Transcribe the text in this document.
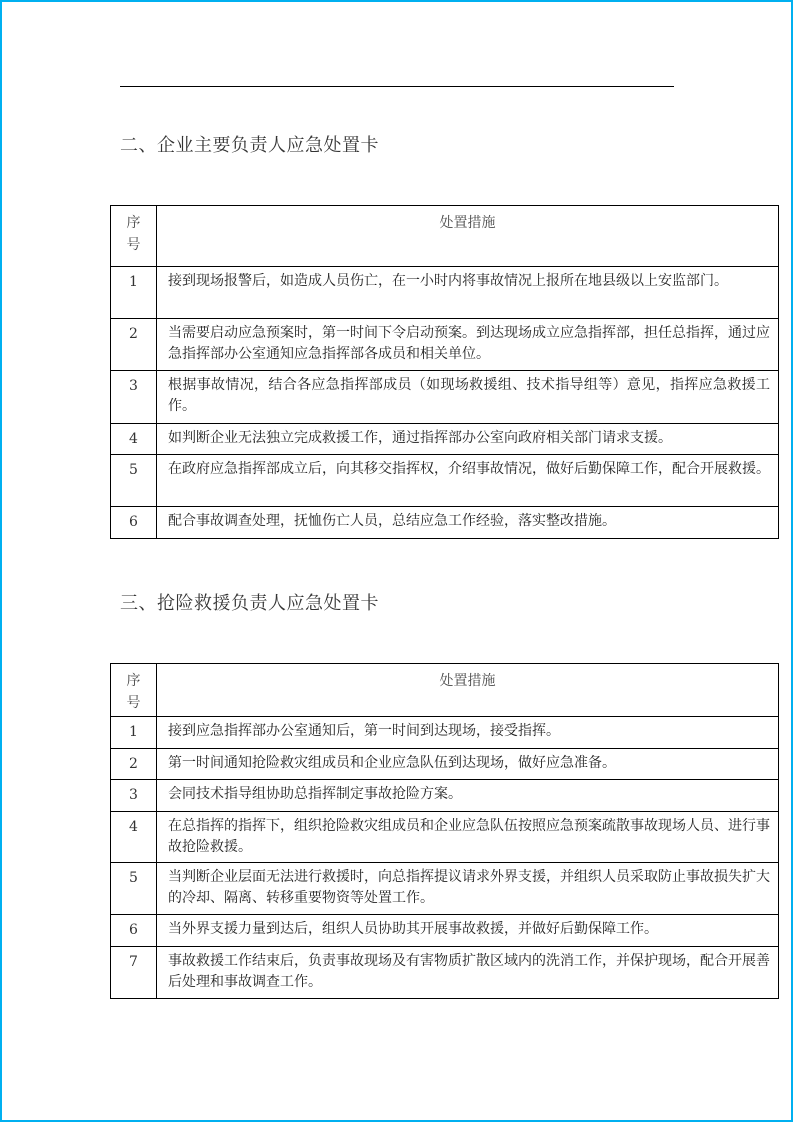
二、企业主要负责人应急处置卡
序
号	处置措施
1	接到现场报警后，如造成人员伤亡，在一小时内将事故情况上报所在地县级以上安监部门。
2	当需要启动应急预案时，第一时间下令启动预案。到达现场成立应急指挥部，担任总指挥，通过应急指挥部办公室通知应急指挥部各成员和相关单位。
3	根据事故情况，结合各应急指挥部成员（如现场救援组、技术指导组等）意见，指挥应急救援工作。
4	如判断企业无法独立完成救援工作，通过指挥部办公室向政府相关部门请求支援。
5	在政府应急指挥部成立后，向其移交指挥权，介绍事故情况，做好后勤保障工作，配合开展救援。
6	配合事故调查处理，抚恤伤亡人员，总结应急工作经验，落实整改措施。
三、抢险救援负责人应急处置卡
序
号	处置措施
1	接到应急指挥部办公室通知后，第一时间到达现场，接受指挥。
2	第一时间通知抢险救灾组成员和企业应急队伍到达现场，做好应急准备。
3	会同技术指导组协助总指挥制定事故抢险方案。
4	在总指挥的指挥下，组织抢险救灾组成员和企业应急队伍按照应急预案疏散事故现场人员、进行事故抢险救援。
5	当判断企业层面无法进行救援时，向总指挥提议请求外界支援，并组织人员采取防止事故损失扩大的冷却、隔离、转移重要物资等处置工作。
6	当外界支援力量到达后，组织人员协助其开展事故救援，并做好后勤保障工作。
7	事故救援工作结束后，负责事故现场及有害物质扩散区域内的洗消工作，并保护现场，配合开展善后处理和事故调查工作。
